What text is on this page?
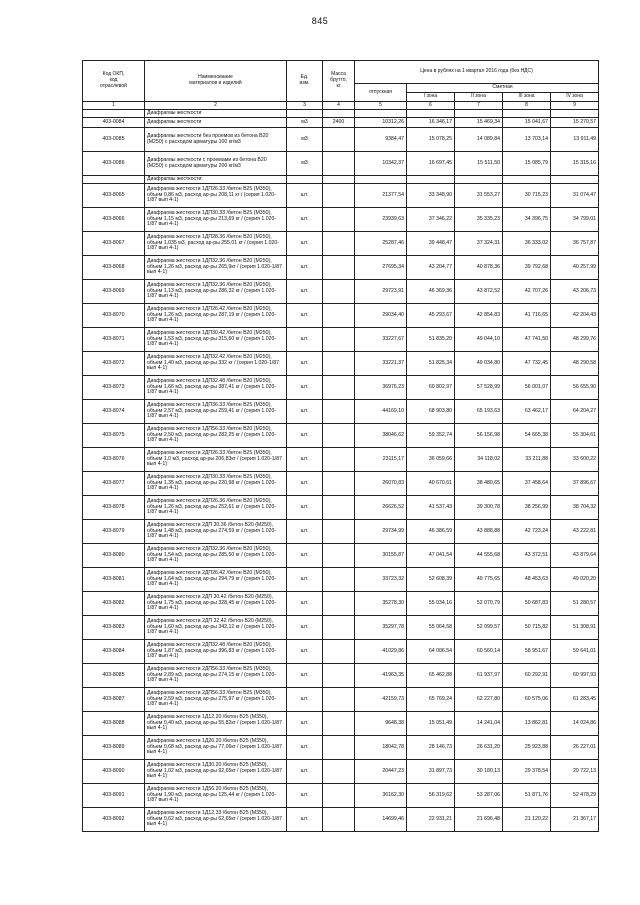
845
Код ОКП,
код
отраслевой	Наименование
материалов и изделий	Ед.
изм.	Масса
брутто,
кг	Цена в рублях на 1 квартал 2016 года (без НДС)				
				отпускная	Сметная			
					I зона	II зона	III зона	IV зона
1	2	3	4	5	6	7	8	9
	Диафрагмы жесткости							
403-0084	Диафрагмы жесткости	м3	2400	10312,26	16 346,17	15 469,34	15 041,67	15 270,57
403-0085	Диафрагмы жесткости без проемов из бетона В20 (М250) с расходом арматуры 100 кг/м3	м3		9384,47	15 078,25	14 089,84	13 703,14	13 911,49
403-0086	Диафрагмы жесткости с проемами из бетона В20 (М250) с расходом арматуры 200 кг/м3	м3		10342,37	16 697,45	15 511,50	15 085,79	15 315,16
	Диафрагмы жесткости:							
403-8065	Диафрагма жесткости 1ДП26.33 /бетон В25 (М350), объем 0,86 м3, расход ар-ры 208,11 кг / (серия 1.020-1/87 вып 4-1)	шт.		21377,54	33 348,90	31 553,27	30 715,23	31 074,47
403-8066	Диафрагма жесткости 1ДП30.33 /бетон В25 (М350), объем 1,15 м3, расход ар-ры 213,69 кг / (серия 1.020-1/87 вып 4-1)	шт.		23939,63	37 346,22	35 335,23	34 396,75	34 799,01
403-8067	Диафрагма жесткости 1ДП28.36 /бетон В20 (М250), объем 1,035 м3, расход ар-ры 255,01 кг / (серия 1.020-1/87 вып 4-1)	шт.		25287,46	39 448,47	37 324,31	36 333,02	36 757,87
403-8068	Диафрагма жесткости 1ДП32.36 /бетон В20 (М250), объем 1,26 м3, расход ар-ры 265,9кг / (серия 1.020-1/87 вып 4-1)	шт.		27695,34	43 204,77	40 878,36	39 792,68	40 257,99
403-8069	Диафрагма жесткости 1ДП32.36 /бетон В20 (М250), объем 1,13 м3, расход ар-ры 286,32 кг / (серия 1.020-1/87 вып 4-1)	шт.		29723,91	46 369,36	43 872,52	42 707,26	43 206,73
403-8070	Диафрагма жесткости 1ДП26.42 /бетон В20 (М250), объем 1,26 м3, расход ар-ры 287,19 кг / (серия 1.020-1/87 вып 4-1)	шт.		29034,40	45 293,67	42 854,83	41 716,65	42 204,43
403-8071	Диафрагма жесткости 1ДП30.42 /бетон В20 (М250), объем 1,53 м3, расход ар-ры 315,60 кг / (серия 1.020-1/87 вып 4-1)	шт.		33227,67	51 835,20	49 044,10	47 741,50	48 299,76
403-8072	Диафрагма жесткости 1ДП32.42 /бетон В20 (М250), объем 1,40 м3, расход ар-ры 332 кг / (серия 1.020-1/87 вып 4-1)	шт.		33221,37	51 825,34	49 034,80	47 732,45	48 290,58
403-8073	Диафрагма жесткости 1ДП32.48 /бетон В20 (М250), объем 1,66 м3, расход ар-ры 387,41 кг / (серия 1.020-1/87 вып 4-1)	шт.		36976,23	60 802,97	57 528,99	56 001,07	56 655,90
403-8074	Диафрагма жесткости 1ДП36.33 /бетон В25 (М350), объем 2,57 м3, расход ар-ры 259,41 кг / (серия 1.020-1/87 вып 4-1)	шт.		44169,10	68 903,80	65 193,63	63 462,17	64 204,27
403-8075	Диафрагма жесткости 1ДП56.33 /бетон В20 (М250), объем 2,50 м3, расход ар-ры 282,25 кг / (серия 1.020-1/87 вып 4-1)	шт.		38046,62	59 352,74	56 156,98	54 665,38	55 304,61
403-8076	Диафрагма жесткости 2ДП26.33 /бетон В25 (М350), объем 1,0 м3, расход ар-ры 206,83кг / (серия 1.020-1/87 вып 4-1)	шт.		23115,17	36 059,66	34 118,02	33 211,88	33 600,22
403-8077	Диафрагма жесткости 2ДП30.33 /бетон В25 (М350), объем 1,35 м3, расход ар-ры 220,98 кг / (серия 1.020-1/87 вып 4-1)	шт.		26070,83	40 670,61	38 480,65	37 458,64	37 896,67
403-8078	Диафрагма жесткости 2ДП26.36 /бетон В20 (М250), объем 1,26 м3, расход ар-ры 252,61 кг / (серия 1.020-1/87 вып 4-1)	шт.		26626,52	41 537,43	39 300,78	38 256,99	38 704,32
403-8079	Диафрагма жесткости 2ДП 30.36 /бетон В20 (М250), объем 1,48 м3, расход ар-ры 274,59 кг / (серия 1.020-1/87 вып 4-1)	шт.		29734,99	46 386,59	43 888,88	42 723,24	43 222,81
403-8080	Диафрагма жесткости 2ДП32.36 /бетон В20 (М250), объем 1,54 м3, расход ар-ры 285,50 кг / (серия 1.020-1/87 вып 4-1)	шт.		30155,87	47 041,54	44 555,68	43 372,51	43 879,64
403-8081	Диафрагма жесткости 2ДП26.42 /бетон В20 (М250), объем 1,64 м3, расход ар-ры 294,79 кг / (серия 1.020-1/87 вып 4-1)	шт.		33723,32	52 608,39	49 775,65	48 453,63	49 020,20
403-8082	Диафрагма жесткости 2ДП 30.42 /бетон В20 (М250), объем 1,75 м3, расход ар-ры 328,45 кг / (серия 1.020-1/87 вып 4-1)	шт.		35278,30	55 034,16	52 070,79	50 687,83	51 280,57
403-8083	Диафрагма жесткости 2ДП 32.42 /бетон В20 (М250), объем 1,60 м3, расход ар-ры 342,12 кг / (серия 1.020-1/87 вып 4-1)	шт.		35297,78	55 064,58	52 099,57	50 715,82	51 308,91
403-8084	Диафрагма жесткости 2ДП32.48 /бетон В20 (М250), объем 1,87 м3, расход ар-ры 396,83 кг / (серия 1.020-1/87 вып 4-1)	шт.		41029,86	64 006,54	60 560,14	58 951,67	59 641,01
403-8085	Диафрагма жесткости 2ДП56.33 /бетон В25 (М350), объем 2,89 м3, расход ар-ры 274,15 кг / (серия 1.020-1/87 вып 4-1)	шт.		41963,35	65 462,88	61 937,97	60 292,91	60 997,93
403-8087	Диафрагма жесткости 2ДП56.33 /бетон В25 (М350), объем 2,59 м3, расход ар-ры 275,97 кг / (серия 1.020-1/87 вып 4-1)	шт.		42159,73	65 769,24	62 227,80	60 575,06	61 283,45
403-8088	Диафрагма жесткости 1Д12.20 /бетон В25 (М350), объем 0,40 м3, расход ар-ры 55,82кг / (серия 1.020-1/87 вып 4-1)	шт.		9648,38	15 051,49	14 241,04	13 862,81	14 024,86
403-8089	Диафрагма жесткости 1Д26.20 /бетон В25 (М350), объем 0,68 м3, расход ар-ры 77,06кг / (серия 1.020-1/87 вып 4-1)	шт.		18042,78	28 146,73	26 631,20	25 923,88	26 227,01
403-8090	Диафрагма жесткости 1Д30.20 /бетон В25 (М350), объем 1,02 м3, расход ар-ры 92,65кг / (серия 1.020-1/87 вып 4-1)	шт.		20447,23	31 897,73	30 180,13	29 378,54	29 722,13
403-8091	Диафрагма жесткости 1Д56.20 /бетон В25 (М350), объем 1,90 м3, расход ар-ры 125,44 кг / (серия 1.020-1/87 вып 4-1)	шт.		36162,30	56 319,62	53 287,06	51 871,76	52 478,29
403-8092	Диафрагма жесткости 1Д12.33 /бетон В25 (М350), объем 0,62 м3, расход ар-ры 62,65кг / (серия 1.020-1/87 вып 4-1)	шт.		14699,46	22 931,21	21 696,48	21 120,22	21 367,17
